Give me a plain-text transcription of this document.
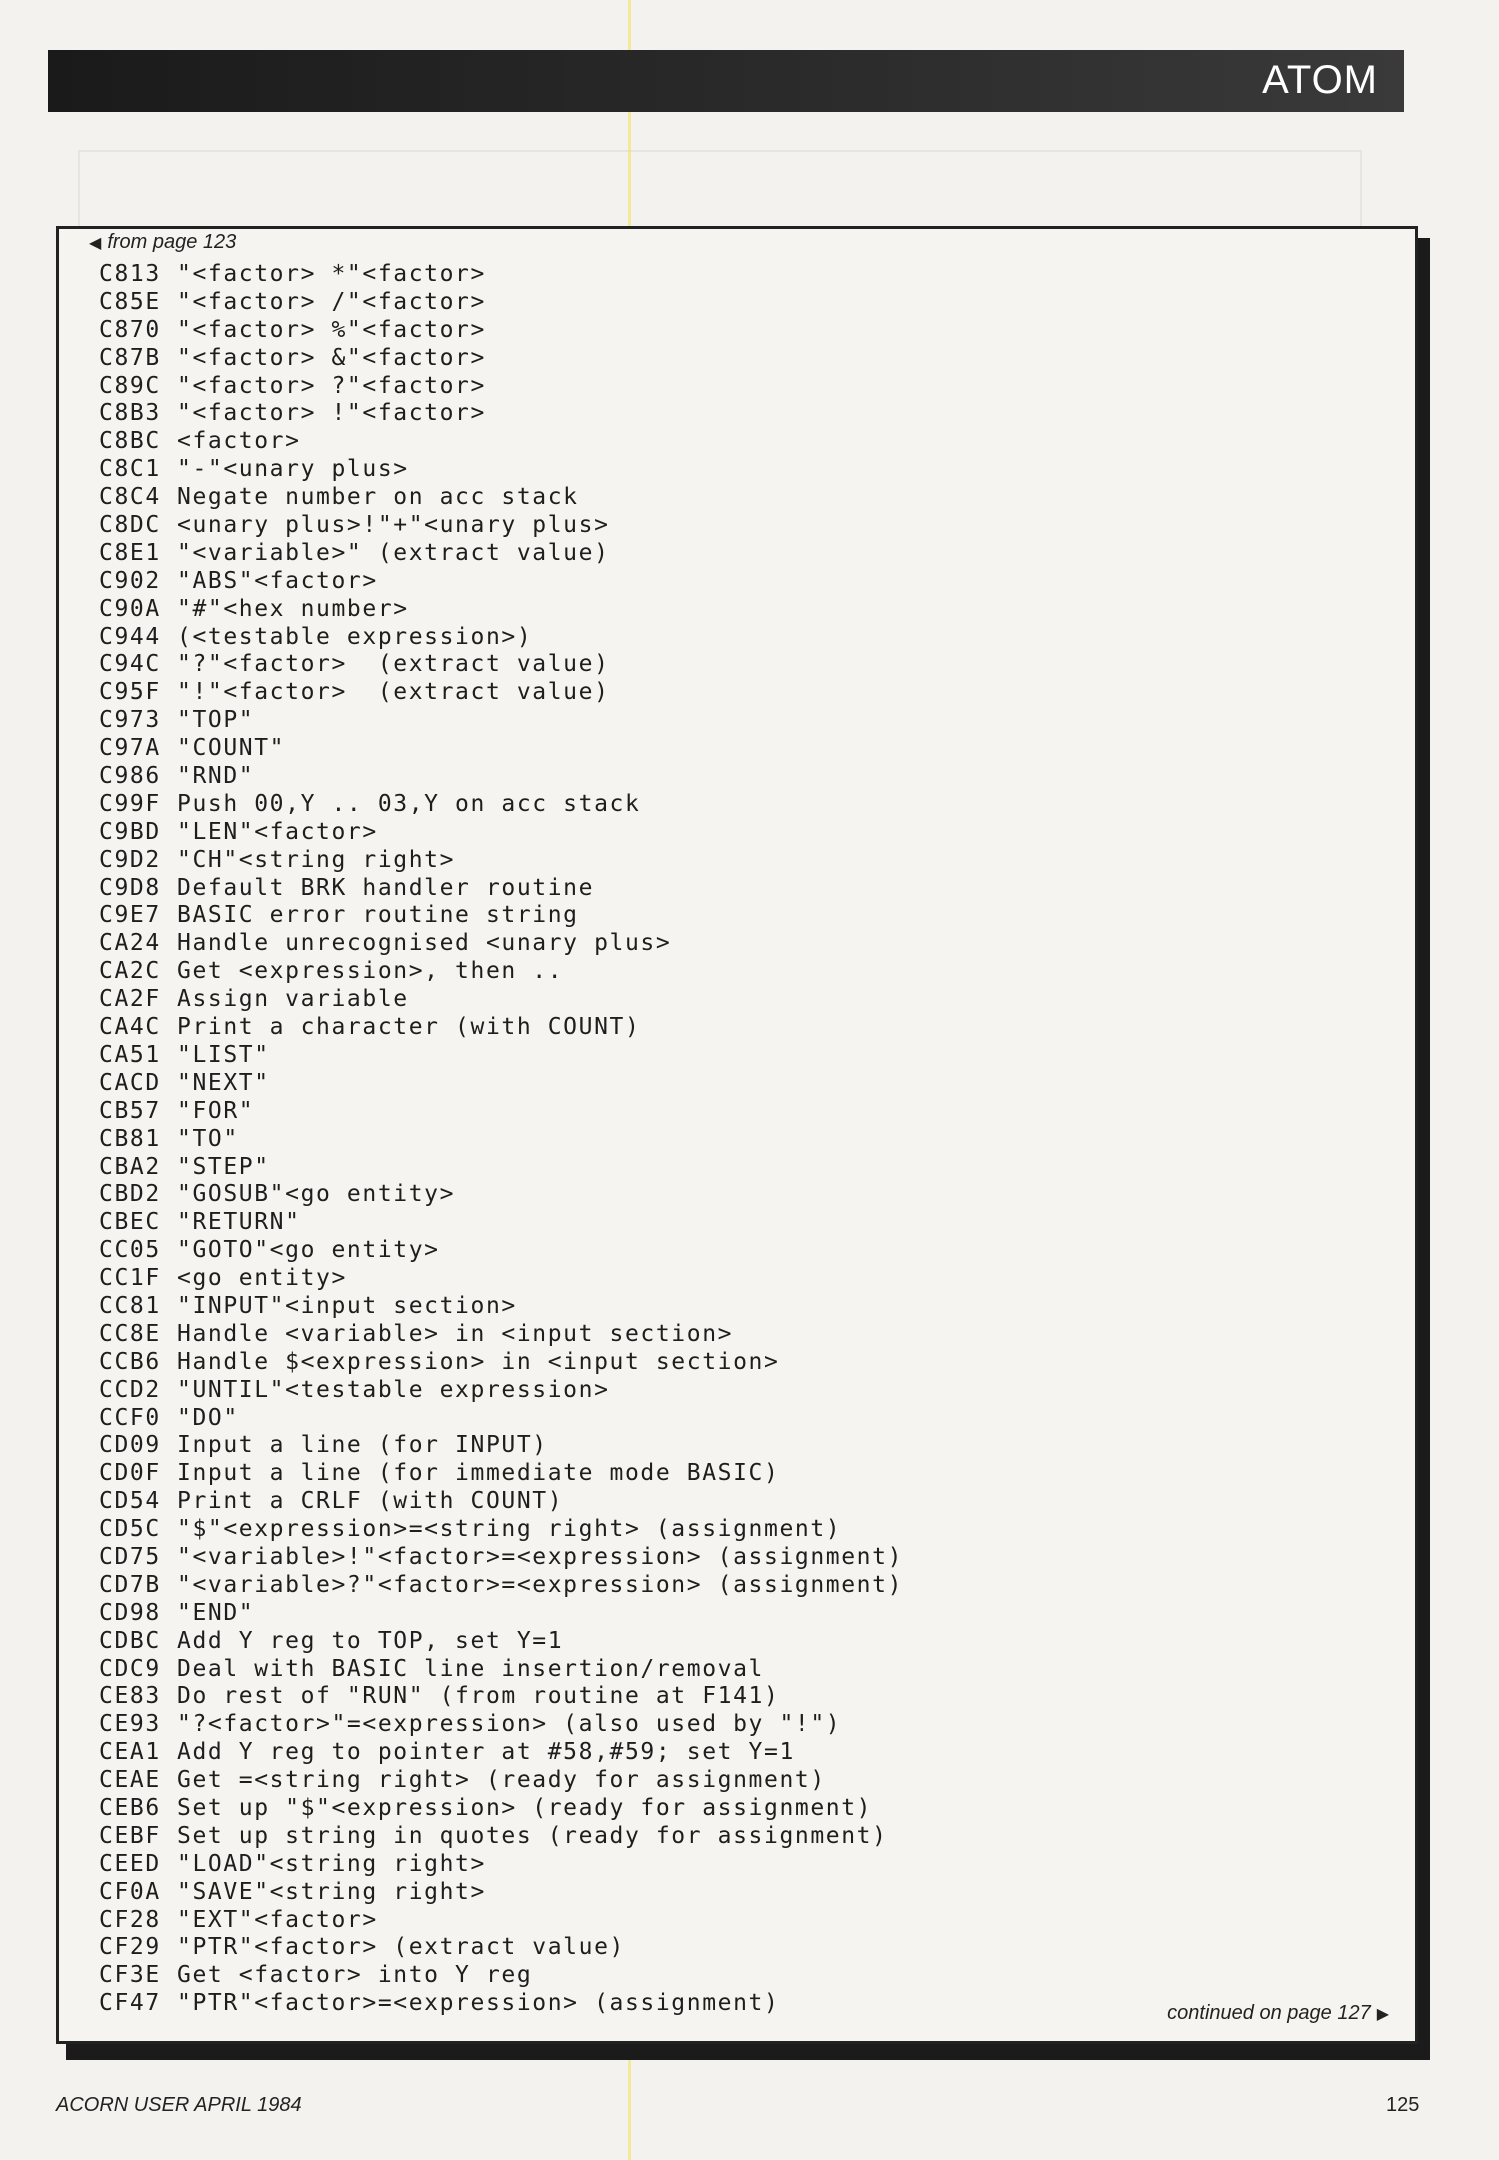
ATOM
◀ from page 123
C813 "<factor> *"<factor>
C85E "<factor> /"<factor>
C870 "<factor> %"<factor>
C87B "<factor> &"<factor>
C89C "<factor> ?"<factor>
C8B3 "<factor> !"<factor>
C8BC <factor>
C8C1 "-"<unary plus>
C8C4 Negate number on acc stack
C8DC <unary plus>!"+"<unary plus>
C8E1 "<variable>" (extract value)
C902 "ABS"<factor>
C90A "#"<hex number>
C944 (<testable expression>)
C94C "?"<factor>  (extract value)
C95F "!"<factor>  (extract value)
C973 "TOP"
C97A "COUNT"
C986 "RND"
C99F Push 00,Y .. 03,Y on acc stack
C9BD "LEN"<factor>
C9D2 "CH"<string right>
C9D8 Default BRK handler routine
C9E7 BASIC error routine string
CA24 Handle unrecognised <unary plus>
CA2C Get <expression>, then ..
CA2F Assign variable
CA4C Print a character (with COUNT)
CA51 "LIST"
CACD "NEXT"
CB57 "FOR"
CB81 "TO"
CBA2 "STEP"
CBD2 "GOSUB"<go entity>
CBEC "RETURN"
CC05 "GOTO"<go entity>
CC1F <go entity>
CC81 "INPUT"<input section>
CC8E Handle <variable> in <input section>
CCB6 Handle $<expression> in <input section>
CCD2 "UNTIL"<testable expression>
CCF0 "DO"
CD09 Input a line (for INPUT)
CD0F Input a line (for immediate mode BASIC)
CD54 Print a CRLF (with COUNT)
CD5C "$"<expression>=<string right> (assignment)
CD75 "<variable>!"<factor>=<expression> (assignment)
CD7B "<variable>?"<factor>=<expression> (assignment)
CD98 "END"
CDBC Add Y reg to TOP, set Y=1
CDC9 Deal with BASIC line insertion/removal
CE83 Do rest of "RUN" (from routine at F141)
CE93 "?<factor>"=<expression> (also used by "!")
CEA1 Add Y reg to pointer at #58,#59; set Y=1
CEAE Get =<string right> (ready for assignment)
CEB6 Set up "$"<expression> (ready for assignment)
CEBF Set up string in quotes (ready for assignment)
CEED "LOAD"<string right>
CF0A "SAVE"<string right>
CF28 "EXT"<factor>
CF29 "PTR"<factor> (extract value)
CF3E Get <factor> into Y reg
CF47 "PTR"<factor>=<expression> (assignment)	continued on page 127 ▶
ACORN USER APRIL 1984	125
